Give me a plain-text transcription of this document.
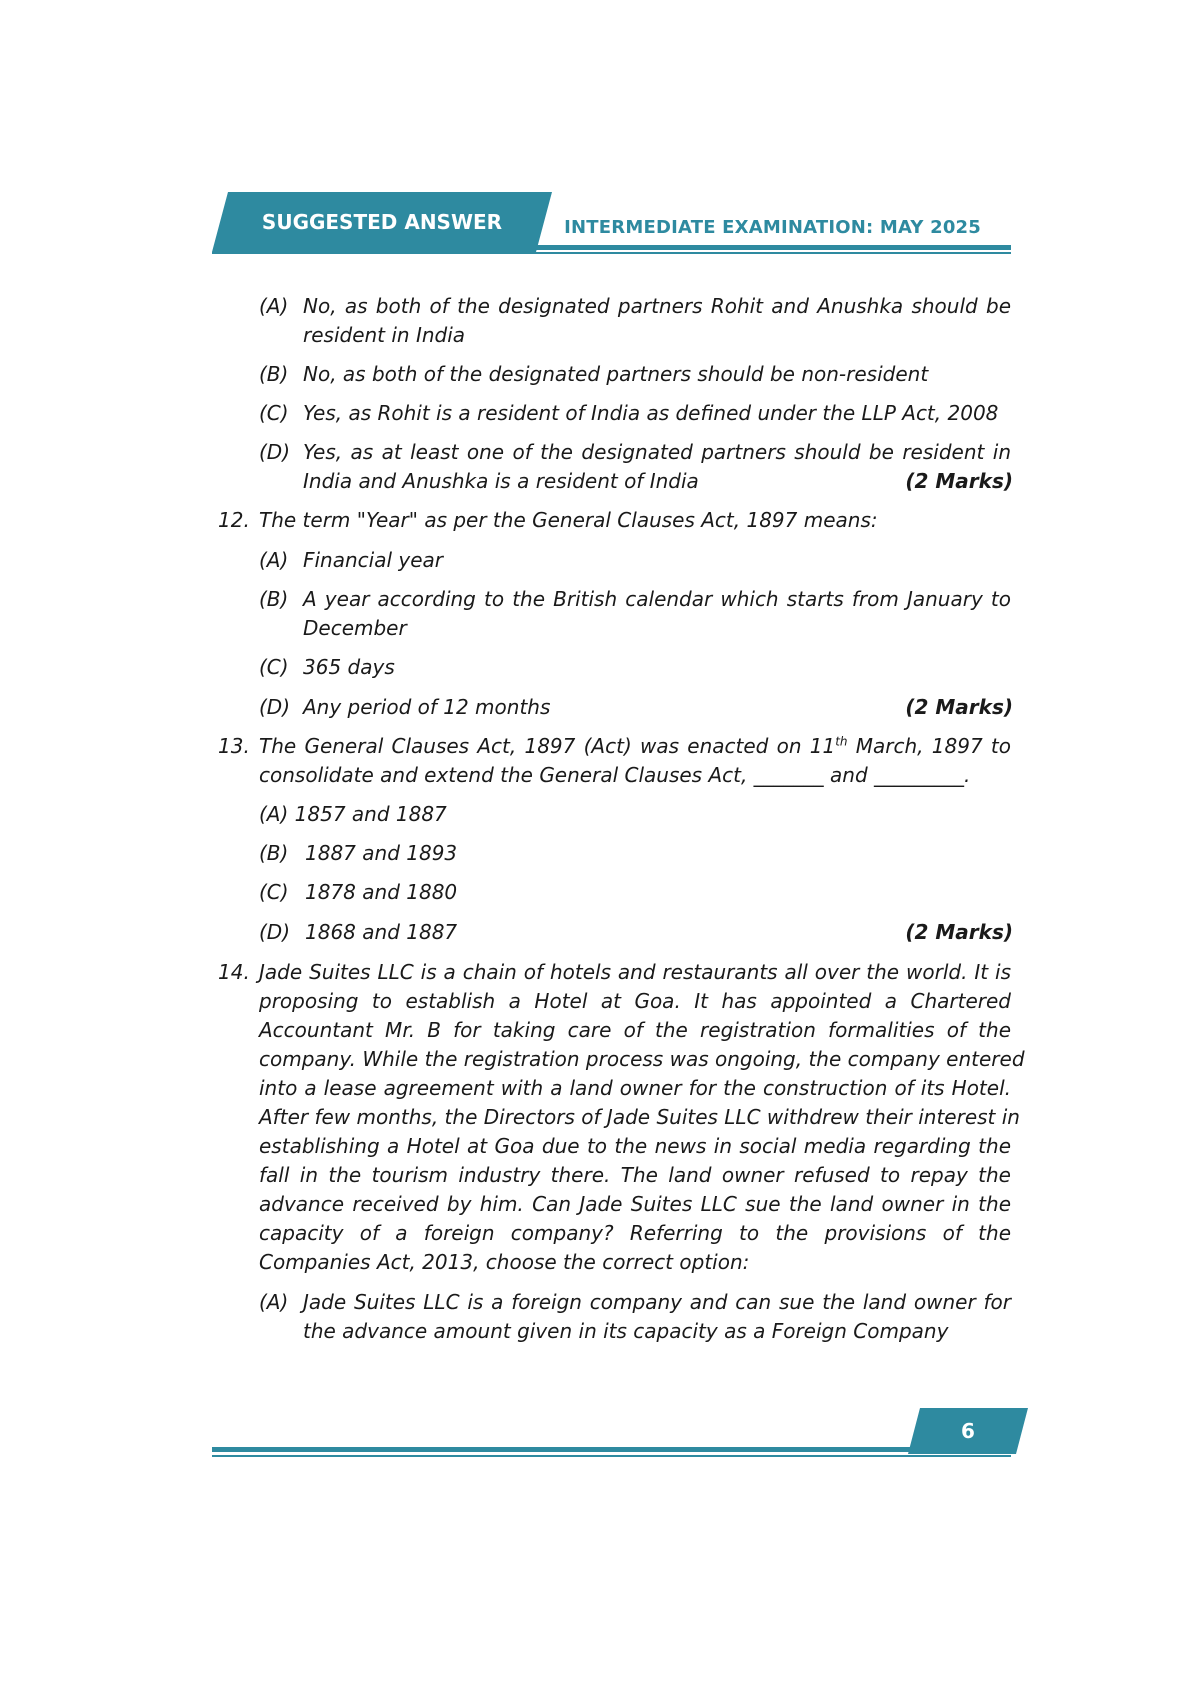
SUGGESTED ANSWER	INTERMEDIATE EXAMINATION: MAY 2025
(A) No, as both of the designated partners Rohit and Anushka should be
resident in India
(B) No, as both of the designated partners should be non-resident
(C) Yes, as Rohit is a resident of India as defined under the LLP Act, 2008
(D) Yes, as at least one of the designated partners should be resident in
India and Anushka is a resident of India	(2 Marks)
12. The term "Year" as per the General Clauses Act, 1897 means:
(A) Financial year
(B) A year according to the British calendar which starts from January to
December
(C) 365 days
(D) Any period of 12 months	(2 Marks)
13. The General Clauses Act, 1897 (Act) was enacted on 11th March, 1897 to
consolidate and extend the General Clauses Act, _______ and _________.
(A) 1857 and 1887
(B) 1887 and 1893
(C) 1878 and 1880
(D) 1868 and 1887	(2 Marks)
14. Jade Suites LLC is a chain of hotels and restaurants all over the world. It is
proposing to establish a Hotel at Goa. It has appointed a Chartered
Accountant Mr. B for taking care of the registration formalities of the
company. While the registration process was ongoing, the company entered
into a lease agreement with a land owner for the construction of its Hotel.
After few months, the Directors of Jade Suites LLC withdrew their interest in
establishing a Hotel at Goa due to the news in social media regarding the
fall in the tourism industry there. The land owner refused to repay the
advance received by him. Can Jade Suites LLC sue the land owner in the
capacity of a foreign company? Referring to the provisions of the
Companies Act, 2013, choose the correct option:
(A) Jade Suites LLC is a foreign company and can sue the land owner for
the advance amount given in its capacity as a Foreign Company
6
